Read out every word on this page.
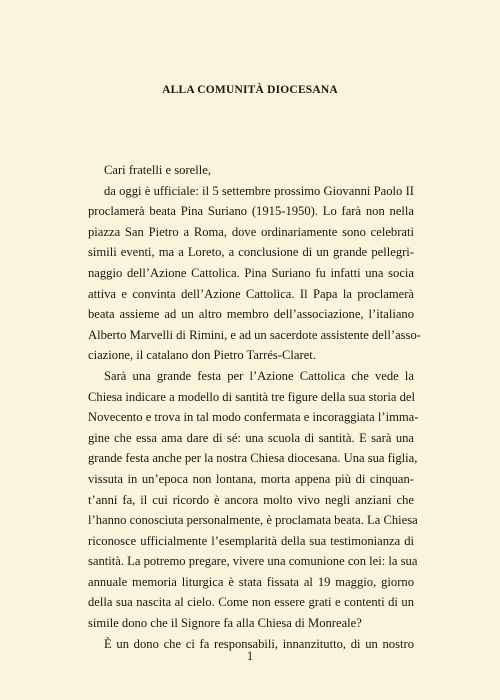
ALLA COMUNITÀ DIOCESANA
Cari fratelli e sorelle,
da oggi è ufficiale: il 5 settembre prossimo Giovanni Paolo II
proclamerà beata Pina Suriano (1915-1950). Lo farà non nella
piazza San Pietro a Roma, dove ordinariamente sono celebrati
simili eventi, ma a Loreto, a conclusione di un grande pellegri-
naggio dell’Azione Cattolica. Pina Suriano fu infatti una socia
attiva e convinta dell’Azione Cattolica. Il Papa la proclamerà
beata assieme ad un altro membro dell’associazione, l’italiano
Alberto Marvelli di Rimini, e ad un sacerdote assistente dell’asso-
ciazione, il catalano don Pietro Tarrés-Claret.
Sarà una grande festa per l’Azione Cattolica che vede la
Chiesa indicare a modello di santità tre figure della sua storia del
Novecento e trova in tal modo confermata e incoraggiata l’imma-
gine che essa ama dare di sé: una scuola di santità. E sarà una
grande festa anche per la nostra Chiesa diocesana. Una sua figlia,
vissuta in un’epoca non lontana, morta appena più di cinquan-
t’anni fa, il cui ricordo è ancora molto vivo negli anziani che
l’hanno conosciuta personalmente, è proclamata beata. La Chiesa
riconosce ufficialmente l’esemplarità della sua testimonianza di
santità. La potremo pregare, vivere una comunione con lei: la sua
annuale memoria liturgica è stata fissata al 19 maggio, giorno
della sua nascita al cielo. Come non essere grati e contenti di un
simile dono che il Signore fa alla Chiesa di Monreale?
È un dono che ci fa responsabili, innanzitutto, di un nostro
1
